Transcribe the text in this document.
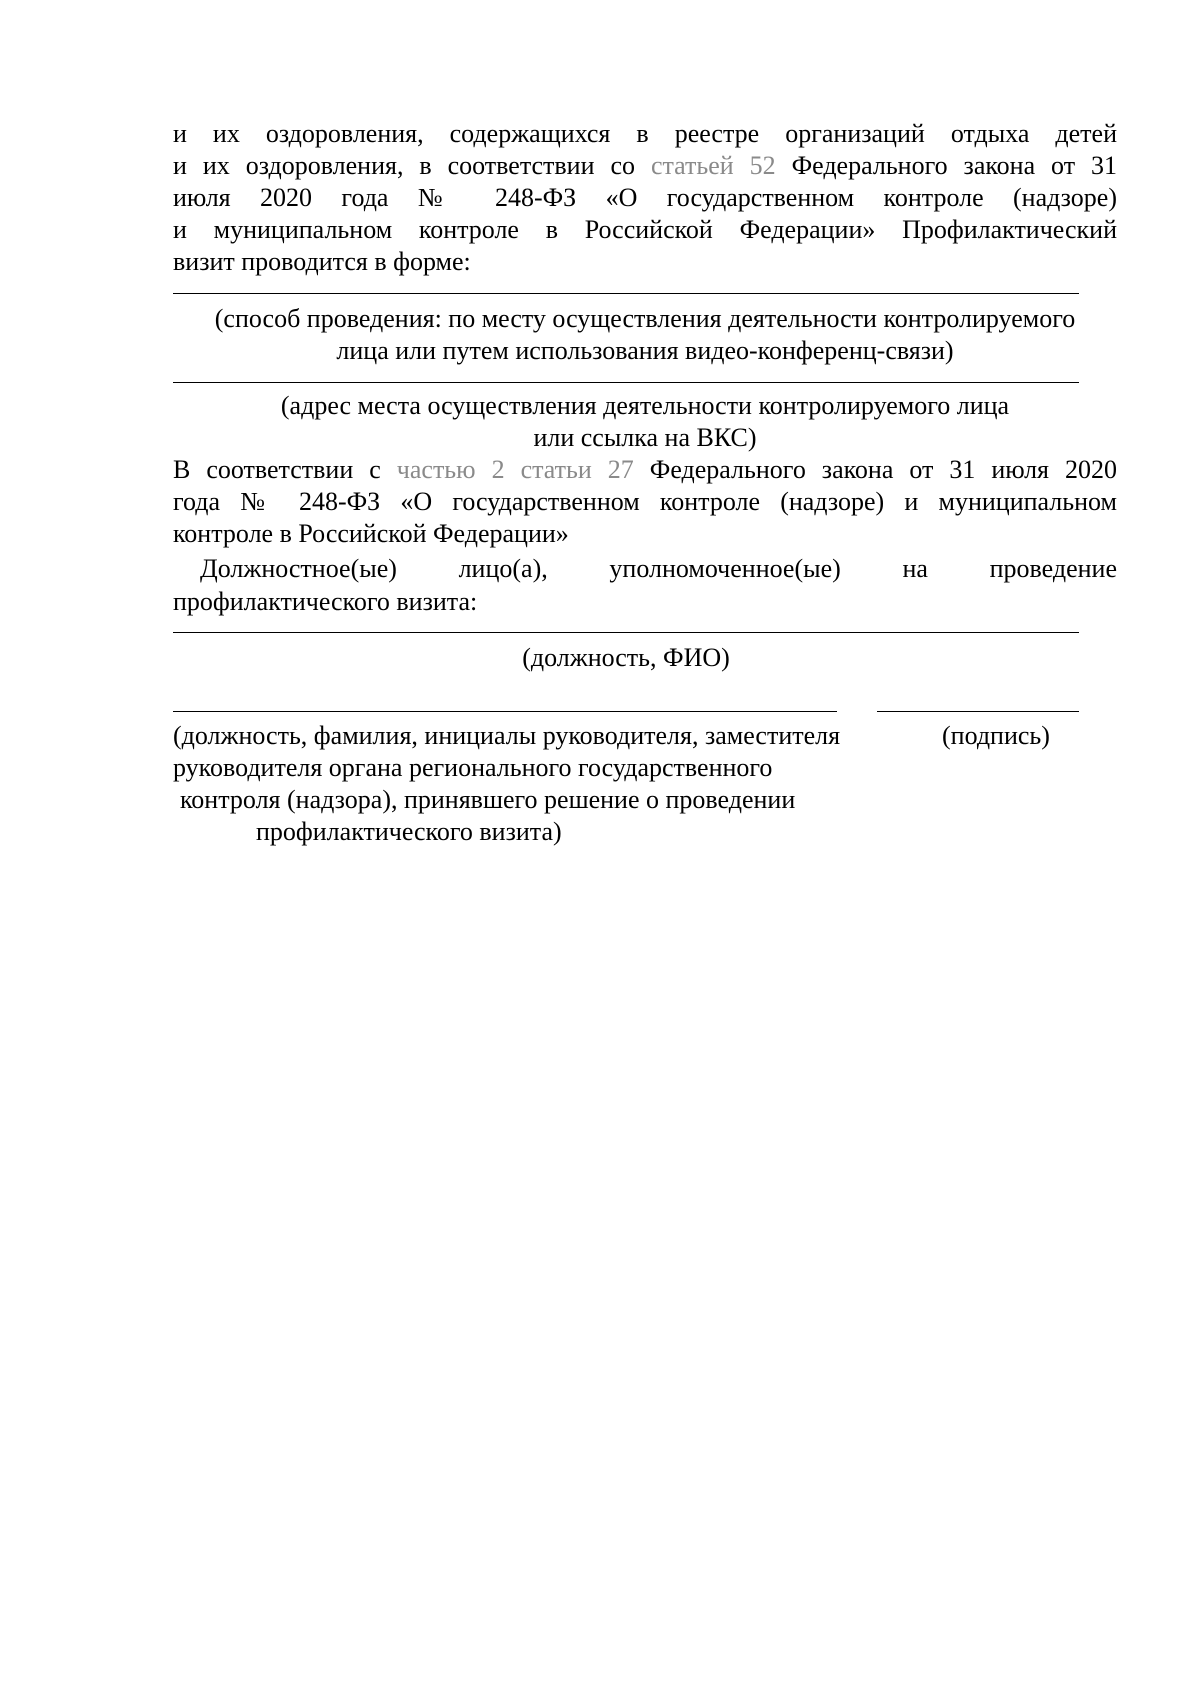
и их оздоровления, содержащихся в реестре организаций отдыха детей
и их оздоровления, в соответствии со статьей 52 Федерального закона от 31
июля 2020 года № 248-ФЗ «О государственном контроле (надзоре)
и муниципальном контроле в Российской Федерации» Профилактический
визит проводится в форме:
(способ проведения: по месту осуществления деятельности контролируемого
лица или путем использования видео-конференц-связи)
(адрес места осуществления деятельности контролируемого лица
или ссылка на ВКС)
В соответствии с частью 2 статьи 27 Федерального закона от 31 июля 2020
года № 248-ФЗ «О государственном контроле (надзоре) и муниципальном
контроле в Российской Федерации»
Должностное(ые) лицо(а), уполномоченное(ые) на проведение
профилактического визита:
(должность, ФИО)
(должность, фамилия, инициалы руководителя, заместителя	(подпись)
руководителя органа регионального государственного
контроля (надзора), принявшего решение о проведении
профилактического визита)
